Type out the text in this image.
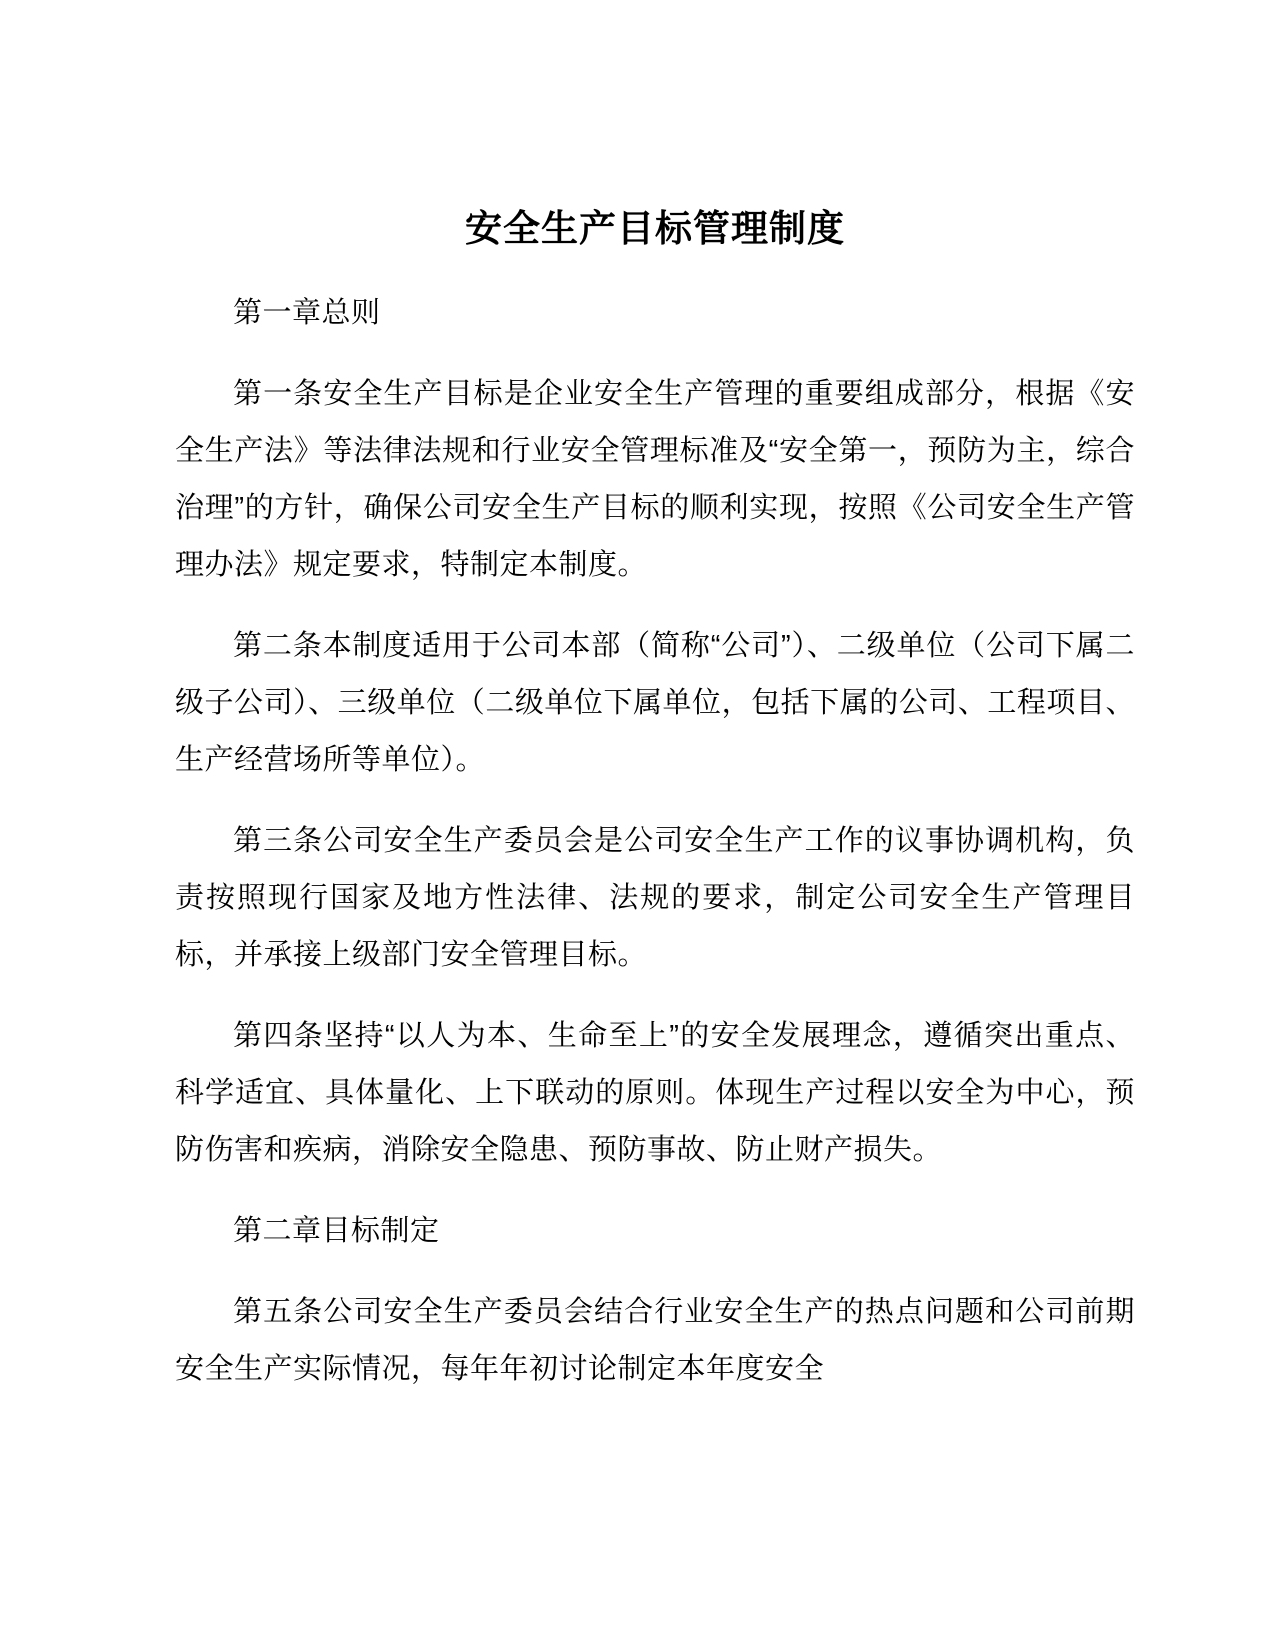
安全生产目标管理制度

第一章总则

第一条安全生产目标是企业安全生产管理的重要组成部分，根据《安全生产法》等法律法规和行业安全管理标准及“安全第一，预防为主，综合治理”的方针，确保公司安全生产目标的顺利实现，按照《公司安全生产管理办法》规定要求，特制定本制度。

第二条本制度适用于公司本部（简称“公司”）、二级单位（公司下属二级子公司）、三级单位（二级单位下属单位，包括下属的公司、工程项目、生产经营场所等单位）。

第三条公司安全生产委员会是公司安全生产工作的议事协调机构，负责按照现行国家及地方性法律、法规的要求，制定公司安全生产管理目标，并承接上级部门安全管理目标。

第四条坚持“以人为本、生命至上”的安全发展理念，遵循突出重点、科学适宜、具体量化、上下联动的原则。体现生产过程以安全为中心，预防伤害和疾病，消除安全隐患、预防事故、防止财产损失。

第二章目标制定

第五条公司安全生产委员会结合行业安全生产的热点问题和公司前期安全生产实际情况，每年年初讨论制定本年度安全
